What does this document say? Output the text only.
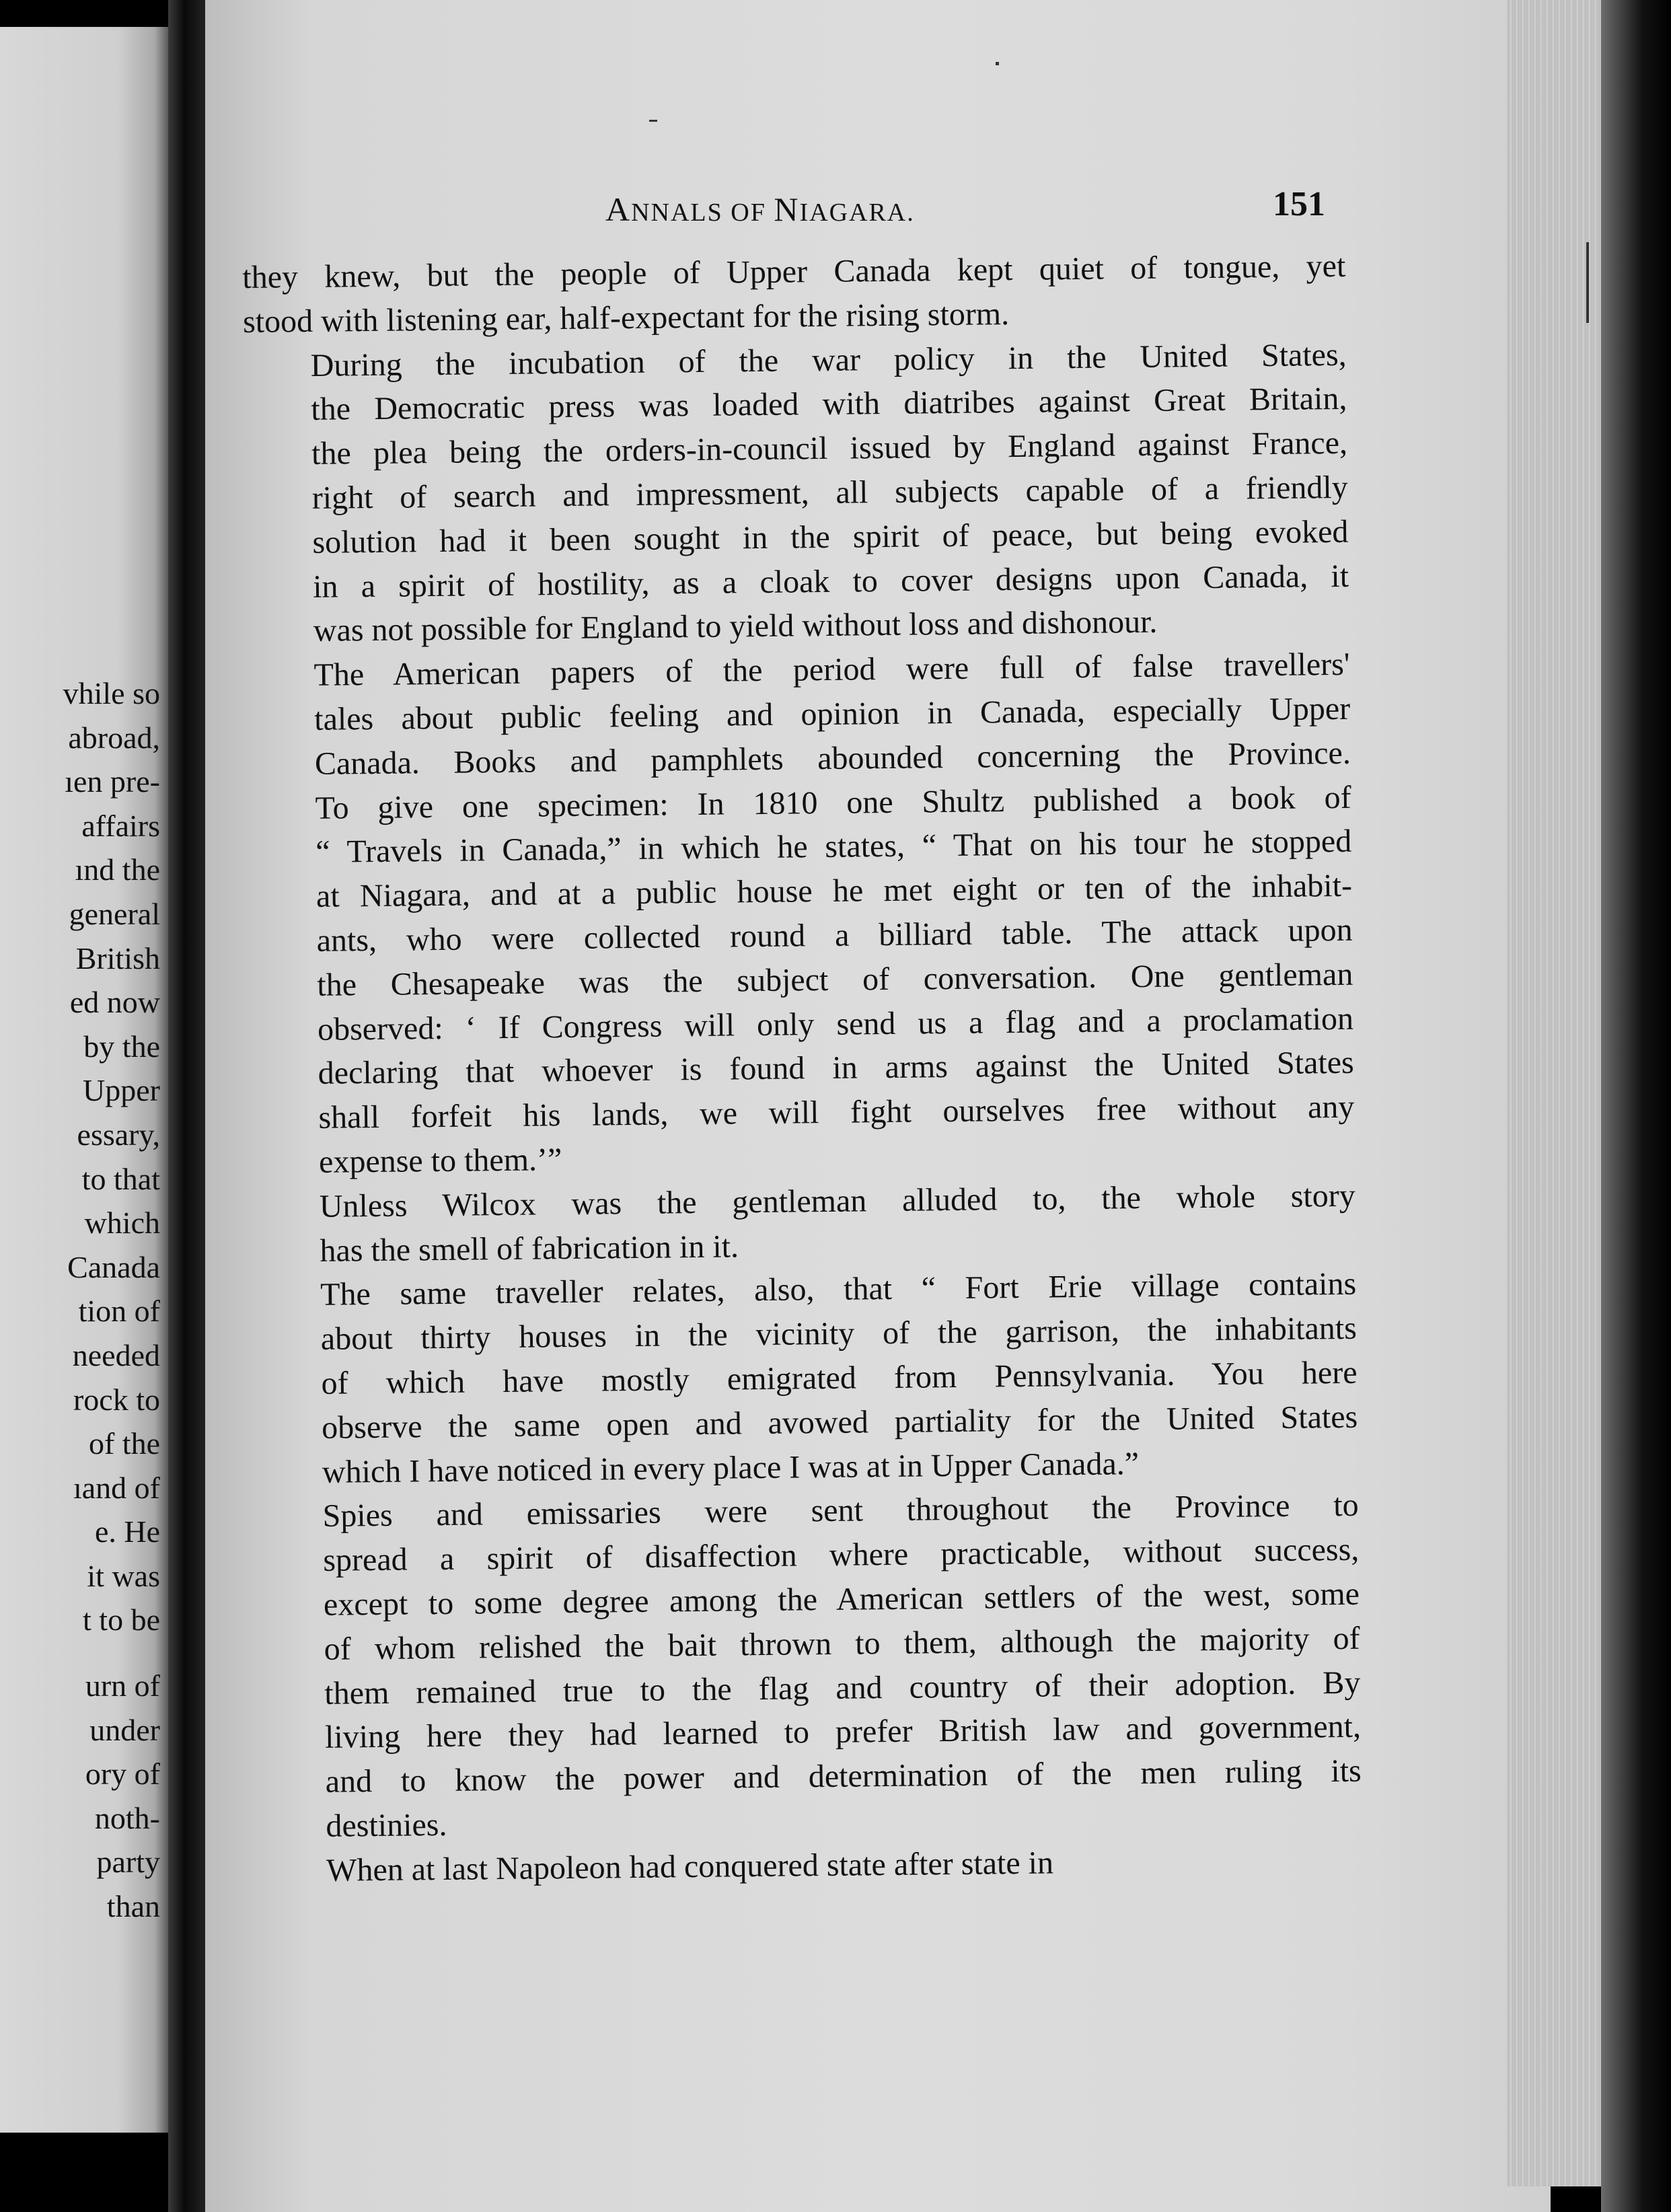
vhile so
abroad,
ıen pre-
affairs
ınd the
general
British
ed now
by the
Upper
essary,
to that
which
Canada
tion of
needed
rock to
of the
ıand of
e. He
it was
t to be
urn of
under
ory of
noth-
party
than
ANNALS OF NIAGARA.	151

they knew, but the people of Upper Canada kept quiet of tongue, yet
stood with listening ear, half-expectant for the rising storm.

During the incubation of the war policy in the United States,
the Democratic press was loaded with diatribes against Great Britain,
the plea being the orders-in-council issued by England against France,
right of search and impressment, all subjects capable of a friendly
solution had it been sought in the spirit of peace, but being evoked
in a spirit of hostility, as a cloak to cover designs upon Canada, it
was not possible for England to yield without loss and dishonour.

The American papers of the period were full of false travellers'
tales about public feeling and opinion in Canada, especially Upper
Canada. Books and pamphlets abounded concerning the Province.
To give one specimen: In 1810 one Shultz published a book of
“ Travels in Canada,” in which he states, “ That on his tour he stopped
at Niagara, and at a public house he met eight or ten of the inhabit-
ants, who were collected round a billiard table. The attack upon
the Chesapeake was the subject of conversation. One gentleman
observed: ‘ If Congress will only send us a flag and a proclamation
declaring that whoever is found in arms against the United States
shall forfeit his lands, we will fight ourselves free without any
expense to them.’”

Unless Wilcox was the gentleman alluded to, the whole story
has the smell of fabrication in it.

The same traveller relates, also, that “ Fort Erie village contains
about thirty houses in the vicinity of the garrison, the inhabitants
of which have mostly emigrated from Pennsylvania. You here
observe the same open and avowed partiality for the United States
which I have noticed in every place I was at in Upper Canada.”

Spies and emissaries were sent throughout the Province to
spread a spirit of disaffection where practicable, without success,
except to some degree among the American settlers of the west, some
of whom relished the bait thrown to them, although the majority of
them remained true to the flag and country of their adoption. By
living here they had learned to prefer British law and government,
and to know the power and determination of the men ruling its
destinies.

When at last Napoleon had conquered state after state in
